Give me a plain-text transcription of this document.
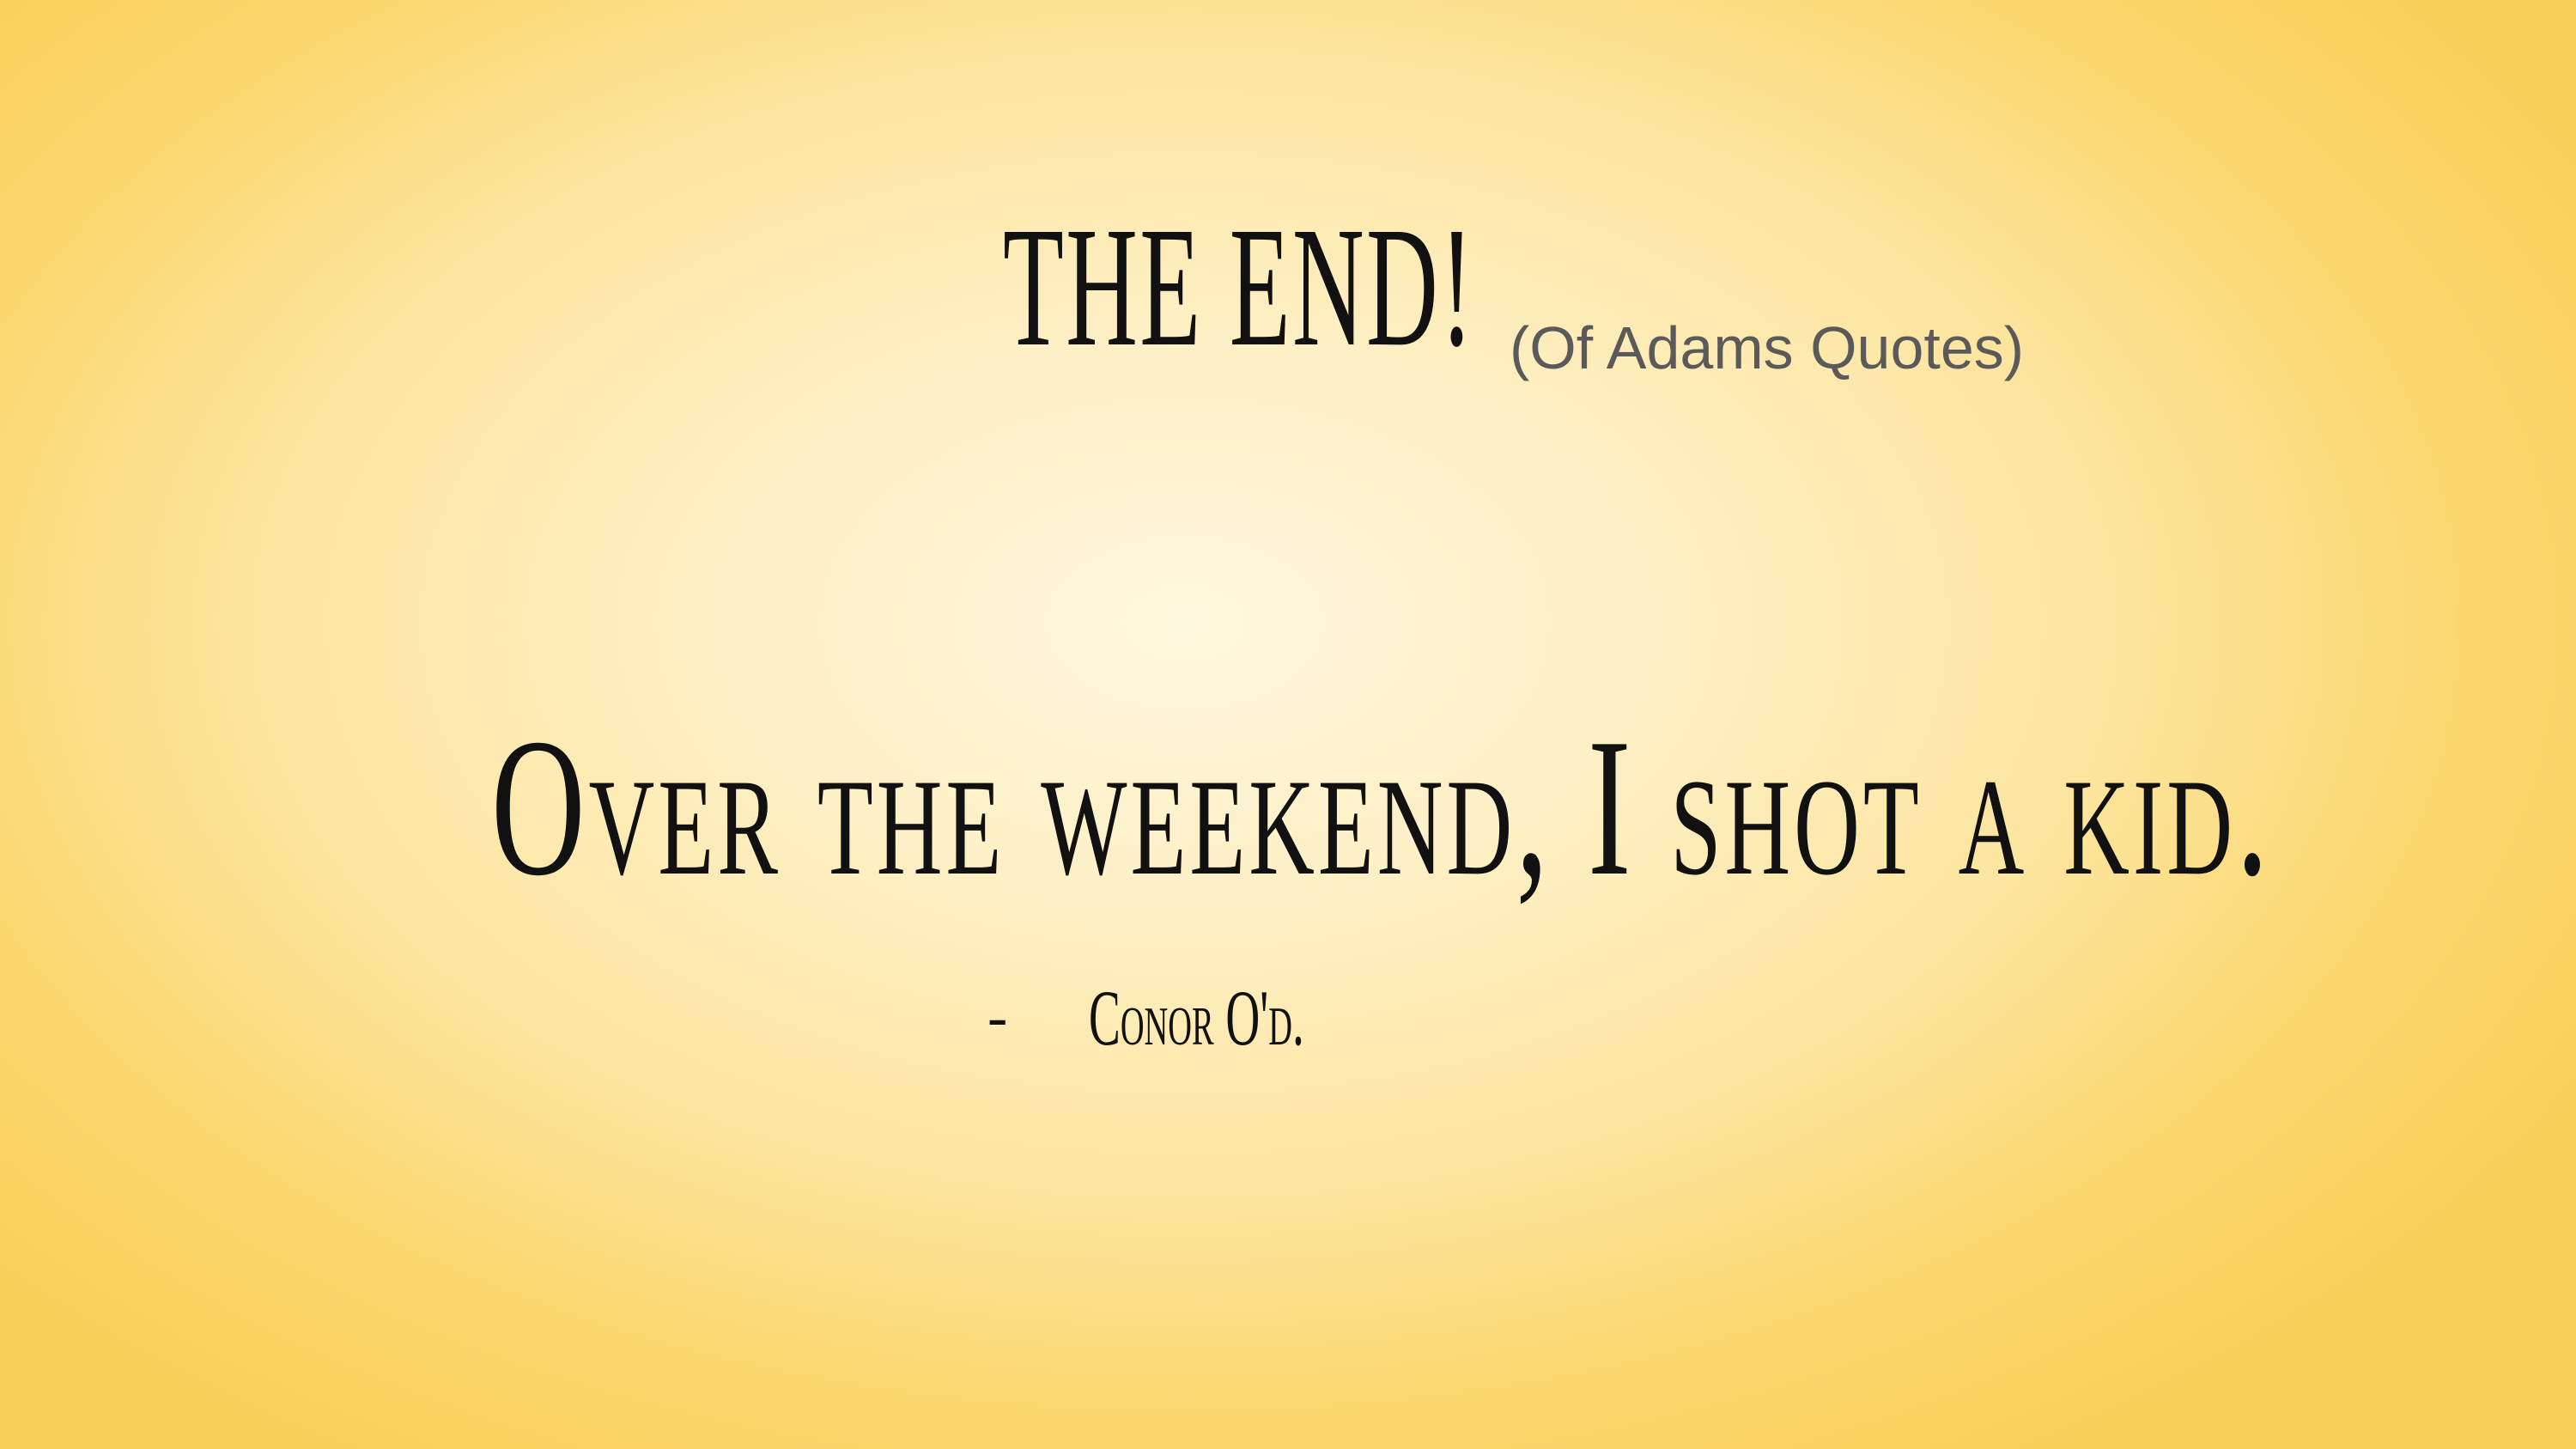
THE END! (Of Adams Quotes)
Over the weekend, I shot a kid.
- Conor O'd.
